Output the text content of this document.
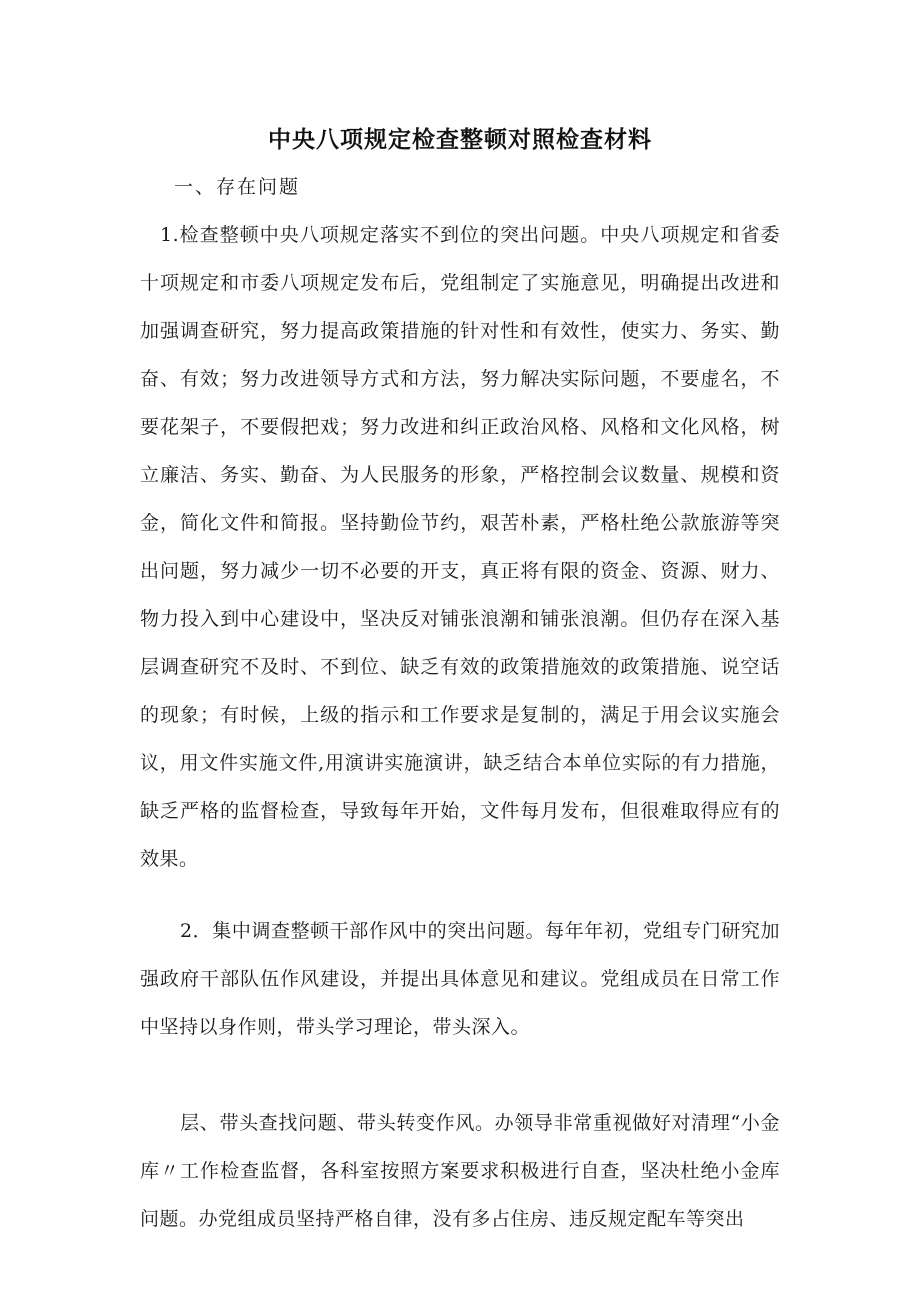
中央八项规定检查整顿对照检查材料
一、存在问题

1.检查整顿中央八项规定落实不到位的突出问题。中央八项规定和省委十项规定和市委八项规定发布后，党组制定了实施意见，明确提出改进和加强调查研究，努力提高政策措施的针对性和有效性，使实力、务实、勤奋、有效；努力改进领导方式和方法，努力解决实际问题，不要虚名，不要花架子，不要假把戏；努力改进和纠正政治风格、风格和文化风格，树立廉洁、务实、勤奋、为人民服务的形象，严格控制会议数量、规模和资金，简化文件和简报。坚持勤俭节约，艰苦朴素，严格杜绝公款旅游等突出问题，努力减少一切不必要的开支，真正将有限的资金、资源、财力、物力投入到中心建设中，坚决反对铺张浪潮和铺张浪潮。但仍存在深入基层调查研究不及时、不到位、缺乏有效的政策措施效的政策措施、说空话的现象；有时候，上级的指示和工作要求是复制的，满足于用会议实施会议，用文件实施文件,用演讲实施演讲，缺乏结合本单位实际的有力措施，缺乏严格的监督检查，导致每年开始，文件每月发布，但很难取得应有的效果。

2．集中调查整顿干部作风中的突出问题。每年年初，党组专门研究加强政府干部队伍作风建设，并提出具体意见和建议。党组成员在日常工作中坚持以身作则，带头学习理论，带头深入。

层、带头查找问题、带头转变作风。办领导非常重视做好对清理“小金库〃工作检查监督，各科室按照方案要求积极进行自查，坚决杜绝小金库问题。办党组成员坚持严格自律，没有多占住房、违反规定配车等突出
